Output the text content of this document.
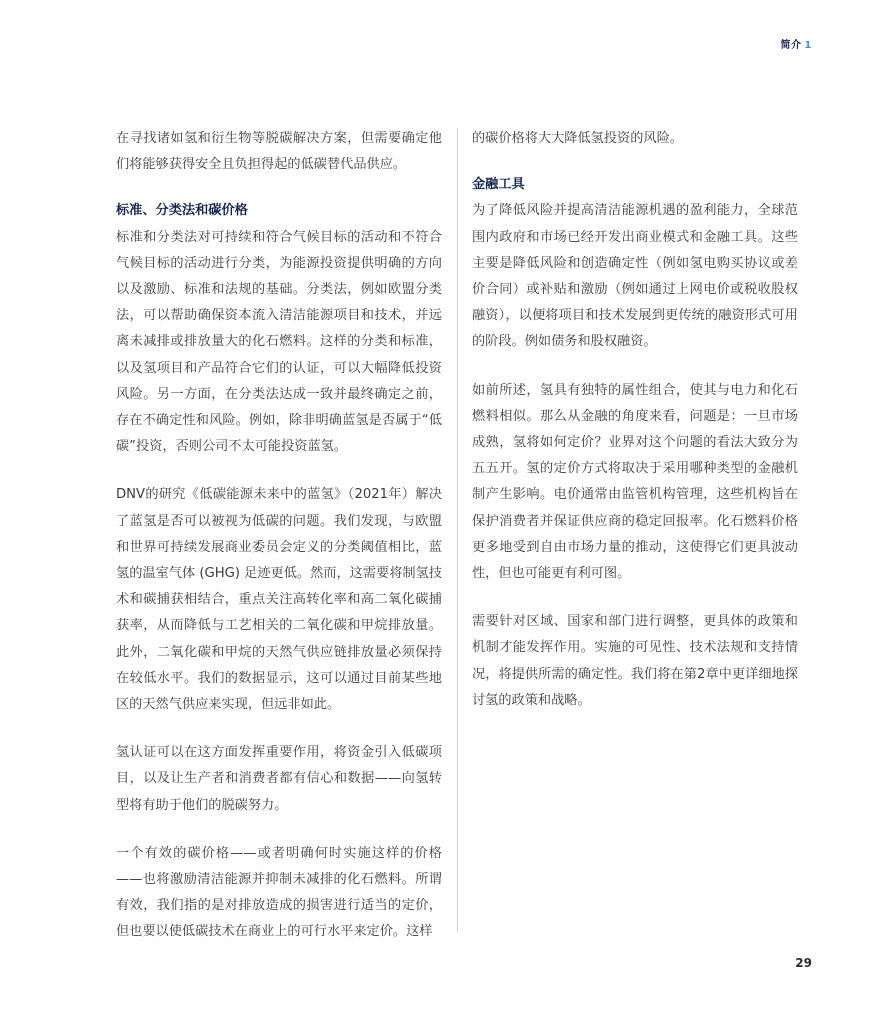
简介 1

在寻找诸如氢和衍生物等脱碳解决方案，但需要确定他们将能够获得安全且负担得起的低碳替代品供应。

标准、分类法和碳价格

标准和分类法对可持续和符合气候目标的活动和不符合气候目标的活动进行分类，为能源投资提供明确的方向以及激励、标准和法规的基础。分类法，例如欧盟分类法，可以帮助确保资本流入清洁能源项目和技术，并远离未减排或排放量大的化石燃料。这样的分类和标准，以及氢项目和产品符合它们的认证，可以大幅降低投资风险。另一方面，在分类法达成一致并最终确定之前，存在不确定性和风险。例如，除非明确蓝氢是否属于“低碳”投资，否则公司不太可能投资蓝氢。

DNV的研究《低碳能源未来中的蓝氢》（2021年）解决了蓝氢是否可以被视为低碳的问题。我们发现，与欧盟和世界可持续发展商业委员会定义的分类阈值相比，蓝氢的温室气体 (GHG) 足迹更低。然而，这需要将制氢技术和碳捕获相结合，重点关注高转化率和高二氧化碳捕获率，从而降低与工艺相关的二氧化碳和甲烷排放量。此外，二氧化碳和甲烷的天然气供应链排放量必须保持在较低水平。我们的数据显示，这可以通过目前某些地区的天然气供应来实现，但远非如此。

氢认证可以在这方面发挥重要作用，将资金引入低碳项目，以及让生产者和消费者都有信心和数据——向氢转型将有助于他们的脱碳努力。

一个有效的碳价格——或者明确何时实施这样的价格——也将激励清洁能源并抑制未减排的化石燃料。所谓有效，我们指的是对排放造成的损害进行适当的定价，但也要以使低碳技术在商业上的可行水平来定价。这样

的碳价格将大大降低氢投资的风险。

金融工具

为了降低风险并提高清洁能源机遇的盈利能力，全球范围内政府和市场已经开发出商业模式和金融工具。这些主要是降低风险和创造确定性（例如氢电购买协议或差价合同）或补贴和激励（例如通过上网电价或税收股权融资），以便将项目和技术发展到更传统的融资形式可用的阶段。例如债务和股权融资。

如前所述，氢具有独特的属性组合，使其与电力和化石燃料相似。那么从金融的角度来看，问题是：一旦市场成熟，氢将如何定价？业界对这个问题的看法大致分为五五开。氢的定价方式将取决于采用哪种类型的金融机制产生影响。电价通常由监管机构管理，这些机构旨在保护消费者并保证供应商的稳定回报率。化石燃料价格更多地受到自由市场力量的推动，这使得它们更具波动性，但也可能更有利可图。

需要针对区域、国家和部门进行调整，更具体的政策和机制才能发挥作用。实施的可见性、技术法规和支持情况，将提供所需的确定性。我们将在第2章中更详细地探讨氢的政策和战略。

29
